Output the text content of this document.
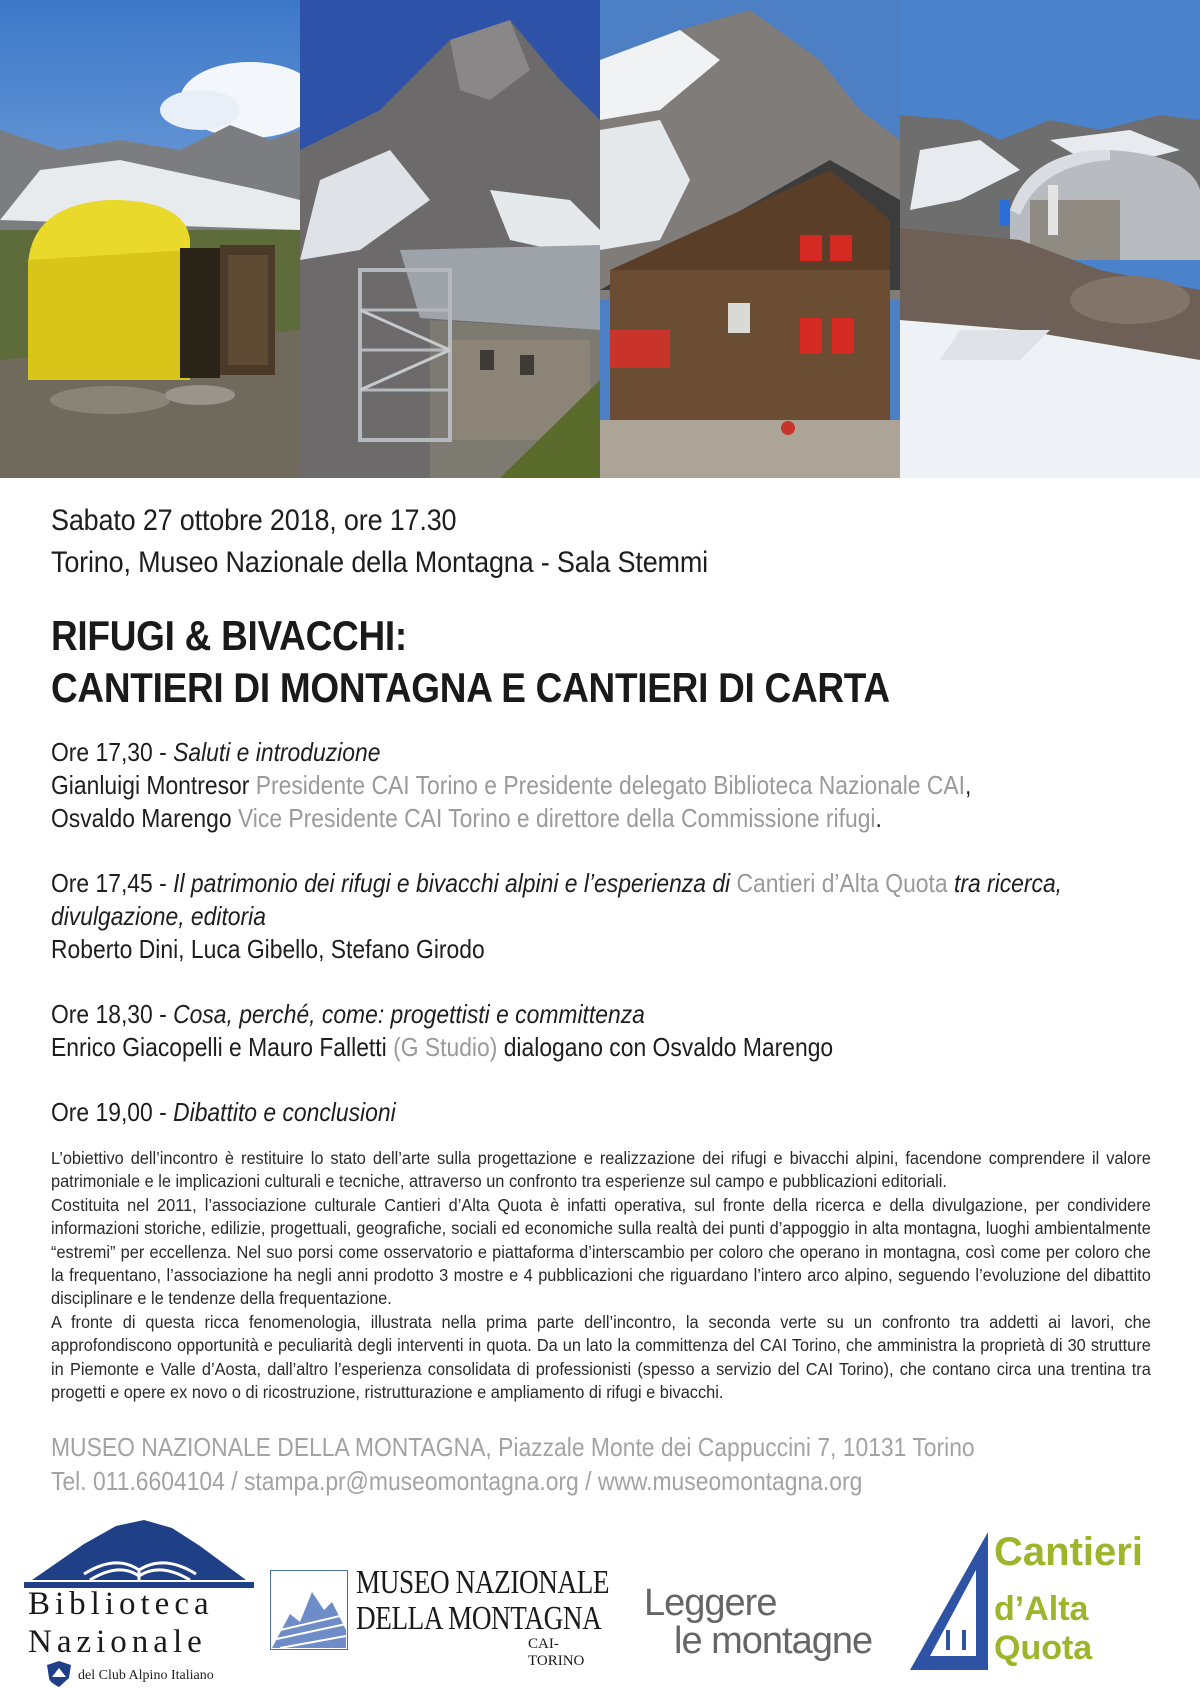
Sabato 27 ottobre 2018, ore 17.30
Torino, Museo Nazionale della Montagna - Sala Stemmi
RIFUGI & BIVACCHI:
CANTIERI DI MONTAGNA E CANTIERI DI CARTA
Ore 17,30 - Saluti e introduzione
Gianluigi Montresor Presidente CAI Torino e Presidente delegato Biblioteca Nazionale CAI,
Osvaldo Marengo Vice Presidente CAI Torino e direttore della Commissione rifugi.
Ore 17,45 - Il patrimonio dei rifugi e bivacchi alpini e l’esperienza di Cantieri d’Alta Quota tra ricerca,
divulgazione, editoria
Roberto Dini, Luca Gibello, Stefano Girodo
Ore 18,30 - Cosa, perché, come: progettisti e committenza
Enrico Giacopelli e Mauro Falletti (G Studio) dialogano con Osvaldo Marengo
Ore 19,00 - Dibattito e conclusioni

L’obiettivo dell’incontro è restituire lo stato dell’arte sulla progettazione e realizzazione dei rifugi e bivacchi alpini, facendone comprendere il valore patrimoniale e le implicazioni culturali e tecniche, attraverso un confronto tra esperienze sul campo e pubblicazioni editoriali.

Costituita nel 2011, l’associazione culturale Cantieri d’Alta Quota è infatti operativa, sul fronte della ricerca e della divulgazione, per condividere informazioni storiche, edilizie, progettuali, geografiche, sociali ed economiche sulla realtà dei punti d’appoggio in alta montagna, luoghi ambientalmente “estremi” per eccellenza. Nel suo porsi come osservatorio e piattaforma d’interscambio per coloro che operano in montagna, così come per coloro che la frequentano, l’associazione ha negli anni prodotto 3 mostre e 4 pubblicazioni che riguardano l’intero arco alpino, seguendo l’evoluzione del dibattito disciplinare e le tendenze della frequentazione.

A fronte di questa ricca fenomenologia, illustrata nella prima parte dell’incontro, la seconda verte su un confronto tra addetti ai lavori, che approfondiscono opportunità e peculiarità degli interventi in quota. Da un lato la committenza del CAI Torino, che amministra la proprietà di 30 strutture in Piemonte e Valle d’Aosta, dall’altro l’esperienza consolidata di professionisti (spesso a servizio del CAI Torino), che contano circa una trentina tra progetti e opere ex novo o di ricostruzione, ristrutturazione e ampliamento di rifugi e bivacchi.

MUSEO NAZIONALE DELLA MONTAGNA, Piazzale Monte dei Cappuccini 7, 10131 Torino
Tel. 011.6604104 / stampa.pr@museomontagna.org / www.museomontagna.org
Biblioteca
Nazionale
del Club Alpino Italiano
MUSEO NAZIONALE
DELLA MONTAGNA
CAI-TORINO
Leggere
le montagne
Cantieri
d’Alta Quota
